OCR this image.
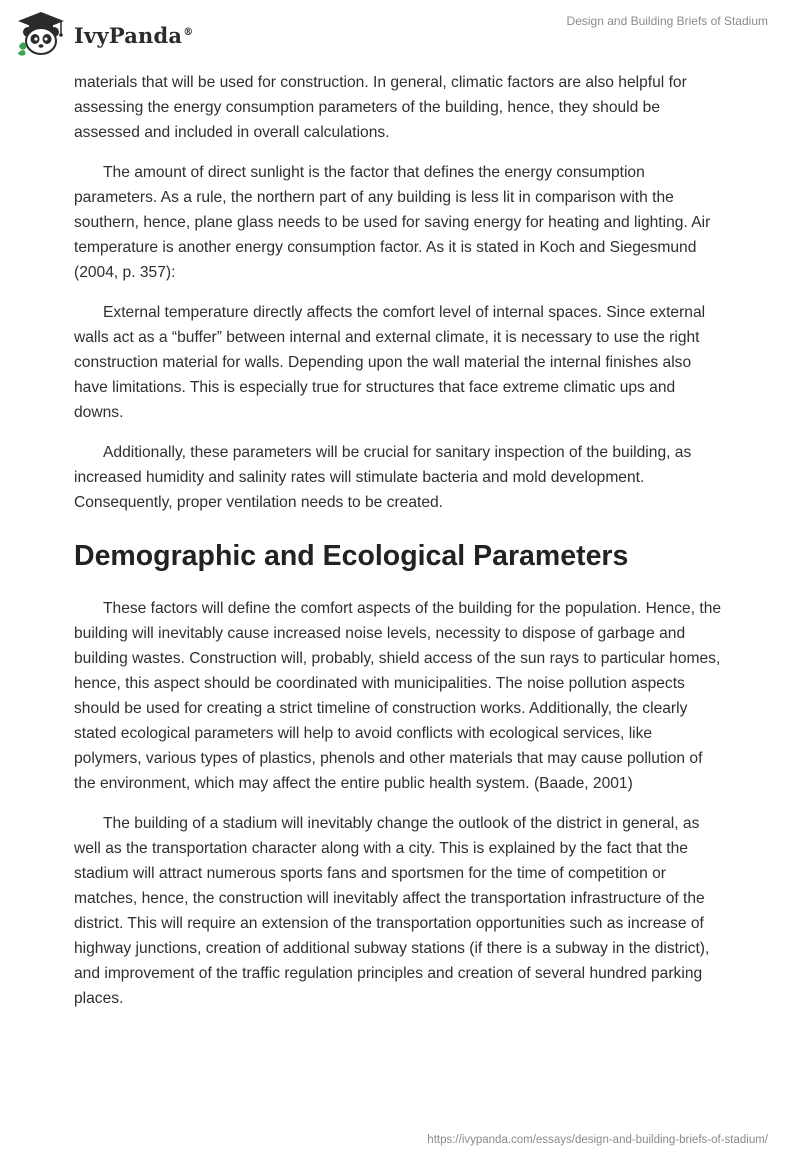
IvyPanda®
Design and Building Briefs of Stadium

materials that will be used for construction. In general, climatic factors are also helpful for assessing the energy consumption parameters of the building, hence, they should be assessed and included in overall calculations.

The amount of direct sunlight is the factor that defines the energy consumption parameters. As a rule, the northern part of any building is less lit in comparison with the southern, hence, plane glass needs to be used for saving energy for heating and lighting. Air temperature is another energy consumption factor. As it is stated in Koch and Siegesmund (2004, p. 357):

External temperature directly affects the comfort level of internal spaces. Since external walls act as a “buffer” between internal and external climate, it is necessary to use the right construction material for walls. Depending upon the wall material the internal finishes also have limitations. This is especially true for structures that face extreme climatic ups and downs.

Additionally, these parameters will be crucial for sanitary inspection of the building, as increased humidity and salinity rates will stimulate bacteria and mold development. Consequently, proper ventilation needs to be created.

Demographic and Ecological Parameters

These factors will define the comfort aspects of the building for the population. Hence, the building will inevitably cause increased noise levels, necessity to dispose of garbage and building wastes. Construction will, probably, shield access of the sun rays to particular homes, hence, this aspect should be coordinated with municipalities. The noise pollution aspects should be used for creating a strict timeline of construction works. Additionally, the clearly stated ecological parameters will help to avoid conflicts with ecological services, like polymers, various types of plastics, phenols and other materials that may cause pollution of the environment, which may affect the entire public health system. (Baade, 2001)

The building of a stadium will inevitably change the outlook of the district in general, as well as the transportation character along with a city. This is explained by the fact that the stadium will attract numerous sports fans and sportsmen for the time of competition or matches, hence, the construction will inevitably affect the transportation infrastructure of the district. This will require an extension of the transportation opportunities such as increase of highway junctions, creation of additional subway stations (if there is a subway in the district), and improvement of the traffic regulation principles and creation of several hundred parking places.

https://ivypanda.com/essays/design-and-building-briefs-of-stadium/
